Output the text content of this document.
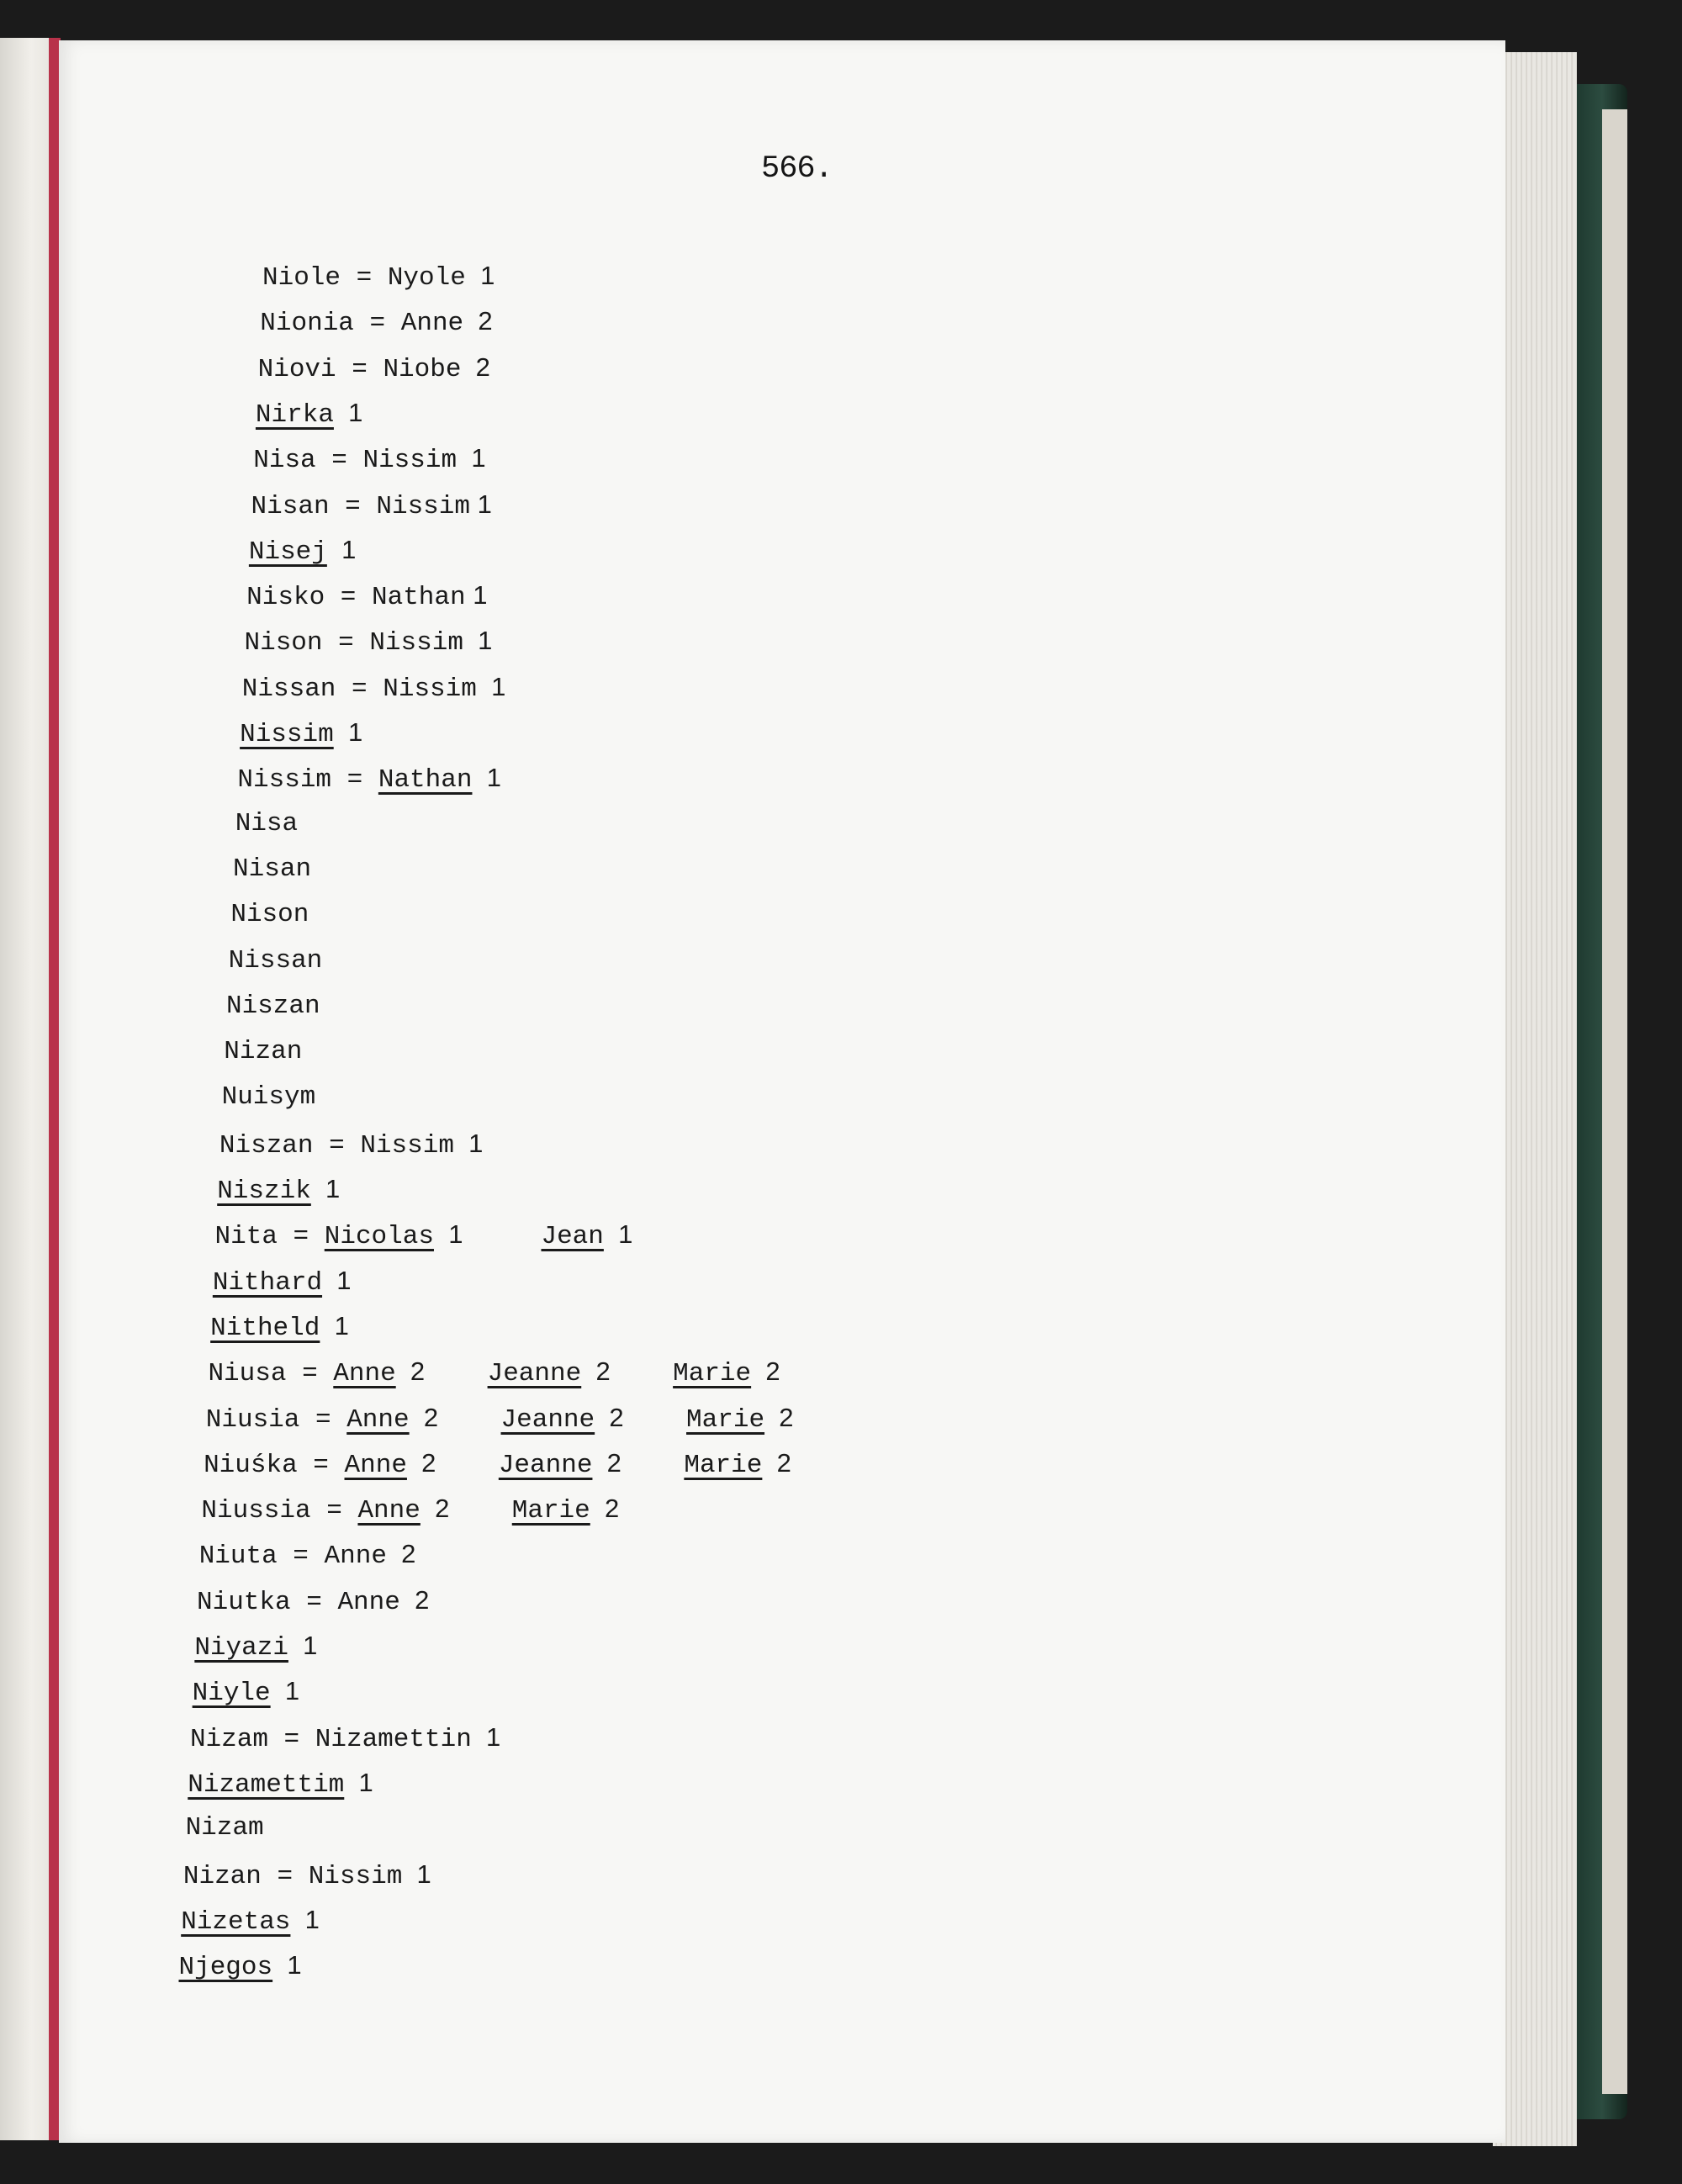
566.
Niole = Nyole  1
Nionia = Anne  2
Niovi = Niobe  2
Nirka  1
Nisa = Nissim  1
Nisan = Nissim 1
Nisej  1
Nisko = Nathan 1
Nison = Nissim  1
Nissan = Nissim  1
Nissim  1
Nissim = Nathan  1
Nisa
Nisan
Nison
Nissan
Niszan
Nizan
Nuisym
Niszan = Nissim  1
Niszik  1
Nita = Nicolas  1	Jean  1
Nithard  1
Nitheld  1
Niusa = Anne  2 Jeanne  2 Marie  2
Niusia = Anne  2 Jeanne  2 Marie  2
Niuśka = Anne  2 Jeanne  2 Marie  2
Niussia = Anne  2 Marie  2
Niuta = Anne  2
Niutka = Anne  2
Niyazi  1
Niyle  1
Nizam = Nizamettin  1
Nizamettim  1
Nizam
Nizan = Nissim  1
Nizetas  1
Njegos  1
